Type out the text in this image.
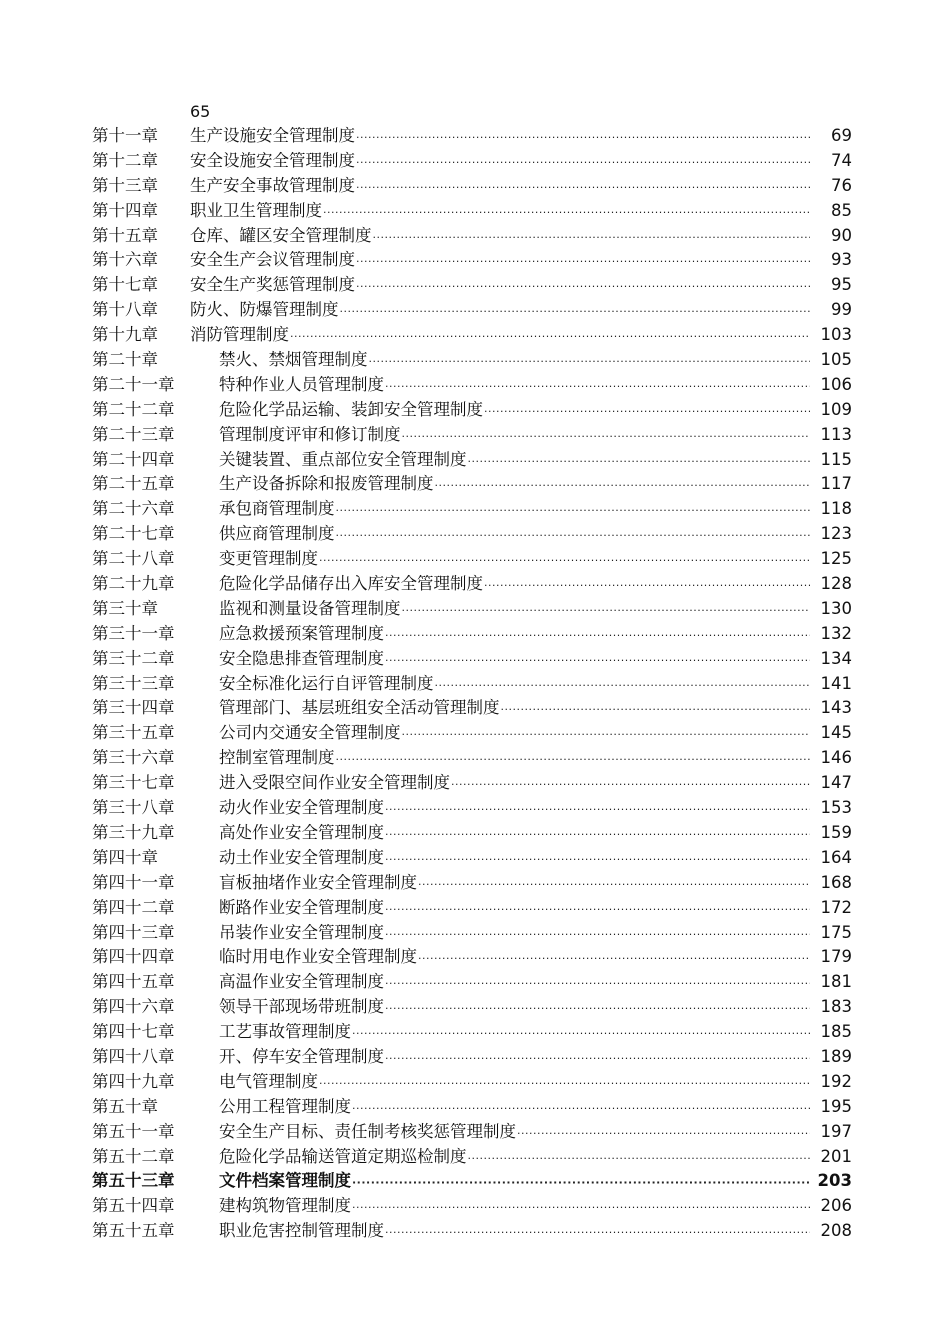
65
第十一章	生产设施安全管理制度 ·····	69
第十二章	安全设施安全管理制度 ·····	74
第十三章	生产安全事故管理制度 ·····	76
第十四章	职业卫生管理制度 ·····	85
第十五章	仓库、罐区安全管理制度 ·····	90
第十六章	安全生产会议管理制度 ·····	93
第十七章	安全生产奖惩管理制度 ·····	95
第十八章	防火、防爆管理制度 ·····	99
第十九章	消防管理制度 ·····	103
第二十章	禁火、禁烟管理制度 ·····	105
第二十一章	特种作业人员管理制度 ·····	106
第二十二章	危险化学品运输、装卸安全管理制度 ·····	109
第二十三章	管理制度评审和修订制度 ·····	113
第二十四章	关键装置、重点部位安全管理制度 ·····	115
第二十五章	生产设备拆除和报废管理制度 ·····	117
第二十六章	承包商管理制度 ·····	118
第二十七章	供应商管理制度 ·····	123
第二十八章	变更管理制度 ·····	125
第二十九章	危险化学品储存出入库安全管理制度 ·····	128
第三十章	监视和测量设备管理制度 ·····	130
第三十一章	应急救援预案管理制度 ·····	132
第三十二章	安全隐患排查管理制度 ·····	134
第三十三章	安全标准化运行自评管理制度 ·····	141
第三十四章	管理部门、基层班组安全活动管理制度 ·····	143
第三十五章	公司内交通安全管理制度 ·····	145
第三十六章	控制室管理制度 ·····	146
第三十七章	进入受限空间作业安全管理制度 ·····	147
第三十八章	动火作业安全管理制度 ·····	153
第三十九章	高处作业安全管理制度 ·····	159
第四十章	动土作业安全管理制度 ·····	164
第四十一章	盲板抽堵作业安全管理制度 ·····	168
第四十二章	断路作业安全管理制度 ·····	172
第四十三章	吊装作业安全管理制度 ·····	175
第四十四章	临时用电作业安全管理制度 ·····	179
第四十五章	高温作业安全管理制度 ·····	181
第四十六章	领导干部现场带班制度 ·····	183
第四十七章	工艺事故管理制度 ·····	185
第四十八章	开、停车安全管理制度 ·····	189
第四十九章	电气管理制度 ·····	192
第五十章	公用工程管理制度 ·····	195
第五十一章	安全生产目标、责任制考核奖惩管理制度 ·····	197
第五十二章	危险化学品输送管道定期巡检制度 ·····	201
第五十三章	文件档案管理制度 ·····	203
第五十四章	建构筑物管理制度 ·····	206
第五十五章	职业危害控制管理制度 ·····	208
